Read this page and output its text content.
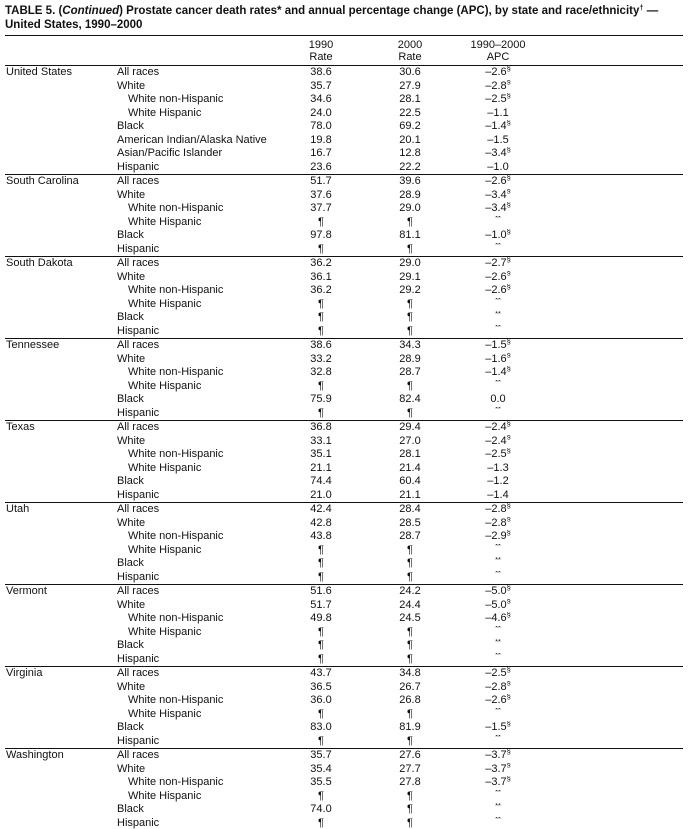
TABLE 5. (Continued) Prostate cancer death rates* and annual percentage change (APC), by state and race/ethnicity† — United States, 1990–2000

1990
Rate

2000
Rate

1990–2000
APC

United States	All races	38.6	30.6	–2.6§	
	White	35.7	27.9	–2.8§	
	White non-Hispanic	34.6	28.1	–2.5§	
	White Hispanic	24.0	22.5	–1.1	
	Black	78.0	69.2	–1.4§	
	American Indian/Alaska Native	19.8	20.1	–1.5	
	Asian/Pacific Islander	16.7	12.8	–3.4§	
	Hispanic	23.6	22.2	–1.0	
South Carolina	All races	51.7	39.6	–2.6§	
	White	37.6	28.9	–3.4§	
	White non-Hispanic	37.7	29.0	–3.4§	
	White Hispanic	¶	¶	**	
	Black	97.8	81.1	–1.0§	
	Hispanic	¶	¶	**	
South Dakota	All races	36.2	29.0	–2.7§	
	White	36.1	29.1	–2.6§	
	White non-Hispanic	36.2	29.2	–2.6§	
	White Hispanic	¶	¶	**	
	Black	¶	¶	**	
	Hispanic	¶	¶	**	
Tennessee	All races	38.6	34.3	–1.5§	
	White	33.2	28.9	–1.6§	
	White non-Hispanic	32.8	28.7	–1.4§	
	White Hispanic	¶	¶	**	
	Black	75.9	82.4	0.0	
	Hispanic	¶	¶	**	
Texas	All races	36.8	29.4	–2.4§	
	White	33.1	27.0	–2.4§	
	White non-Hispanic	35.1	28.1	–2.5§	
	White Hispanic	21.1	21.4	–1.3	
	Black	74.4	60.4	–1.2	
	Hispanic	21.0	21.1	–1.4	
Utah	All races	42.4	28.4	–2.8§	
	White	42.8	28.5	–2.8§	
	White non-Hispanic	43.8	28.7	–2.9§	
	White Hispanic	¶	¶	**	
	Black	¶	¶	**	
	Hispanic	¶	¶	**	
Vermont	All races	51.6	24.2	–5.0§	
	White	51.7	24.4	–5.0§	
	White non-Hispanic	49.8	24.5	–4.6§	
	White Hispanic	¶	¶	**	
	Black	¶	¶	**	
	Hispanic	¶	¶	**	
Virginia	All races	43.7	34.8	–2.5§	
	White	36.5	26.7	–2.8§	
	White non-Hispanic	36.0	26.8	–2.6§	
	White Hispanic	¶	¶	**	
	Black	83.0	81.9	–1.5§	
	Hispanic	¶	¶	**	
Washington	All races	35.7	27.6	–3.7§	
	White	35.4	27.7	–3.7§	
	White non-Hispanic	35.5	27.8	–3.7§	
	White Hispanic	¶	¶	**	
	Black	74.0	¶	**	
	Hispanic	¶	¶	**	
